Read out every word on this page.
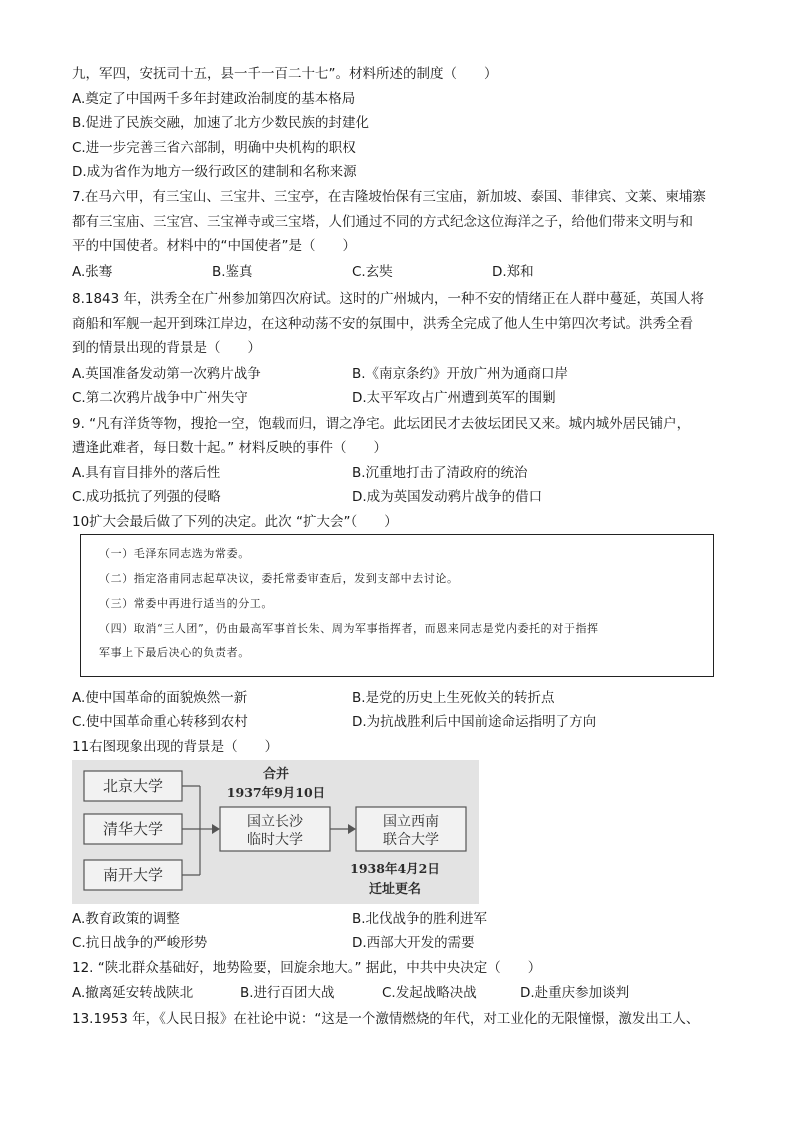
九，军四，安抚司十五，县一千一百二十七”。材料所述的制度（　　）
A.奠定了中国两千多年封建政治制度的基本格局
B.促进了民族交融，加速了北方少数民族的封建化
C.进一步完善三省六部制，明确中央机构的职权
D.成为省作为地方一级行政区的建制和名称来源
7.在马六甲，有三宝山、三宝井、三宝亭，在吉隆坡怡保有三宝庙，新加坡、泰国、菲律宾、文莱、柬埔寨
都有三宝庙、三宝宫、三宝禅寺或三宝塔，人们通过不同的方式纪念这位海洋之子，给他们带来文明与和
平的中国使者。材料中的“中国使者”是（　　）
A.张骞	B.鉴真	C.玄奘	D.郑和
8.1843 年，洪秀全在广州参加第四次府试。这时的广州城内，一种不安的情绪正在人群中蔓延，英国人将
商船和军舰一起开到珠江岸边，在这种动荡不安的氛围中，洪秀全完成了他人生中第四次考试。洪秀全看
到的情景出现的背景是（　　）
A.英国准备发动第一次鸦片战争	B.《南京条约》开放广州为通商口岸
C.第二次鸦片战争中广州失守	D.太平军攻占广州遭到英军的围剿
9. “凡有洋货等物，搜抢一空，饱载而归，谓之净宅。此坛团民才去彼坛团民又来。城内城外居民铺户，
遭逢此难者，每日数十起。” 材料反映的事件（　　）
A.具有盲目排外的落后性	B.沉重地打击了清政府的统治
C.成功抵抗了列强的侵略	D.成为英国发动鸦片战争的借口
10扩大会最后做了下列的决定。此次 “扩大会”（　　）
（一）毛泽东同志选为常委。
（二）指定洛甫同志起草决议，委托常委审查后，发到支部中去讨论。
（三）常委中再进行适当的分工。
（四）取消“三人团”，仍由最高军事首长朱、周为军事指挥者，而恩来同志是党内委托的对于指挥
军事上下最后决心的负责者。
A.使中国革命的面貌焕然一新	B.是党的历史上生死攸关的转折点
C.使中国革命重心转移到农村	D.为抗战胜利后中国前途命运指明了方向
11右图现象出现的背景是（　　）
北京大学
清华大学
南开大学
合并
1937年9月10日
国立长沙
临时大学
国立西南
联合大学
1938年4月2日
迁址更名
A.教育政策的调整	B.北伐战争的胜利进军
C.抗日战争的严峻形势	D.西部大开发的需要
12. “陕北群众基础好，地势险要，回旋余地大。” 据此，中共中央决定（　　）
A.撤离延安转战陕北	B.进行百团大战	C.发起战略决战	D.赴重庆参加谈判
13.1953 年，《人民日报》在社论中说：“这是一个激情燃烧的年代，对工业化的无限憧憬，激发出工人、
